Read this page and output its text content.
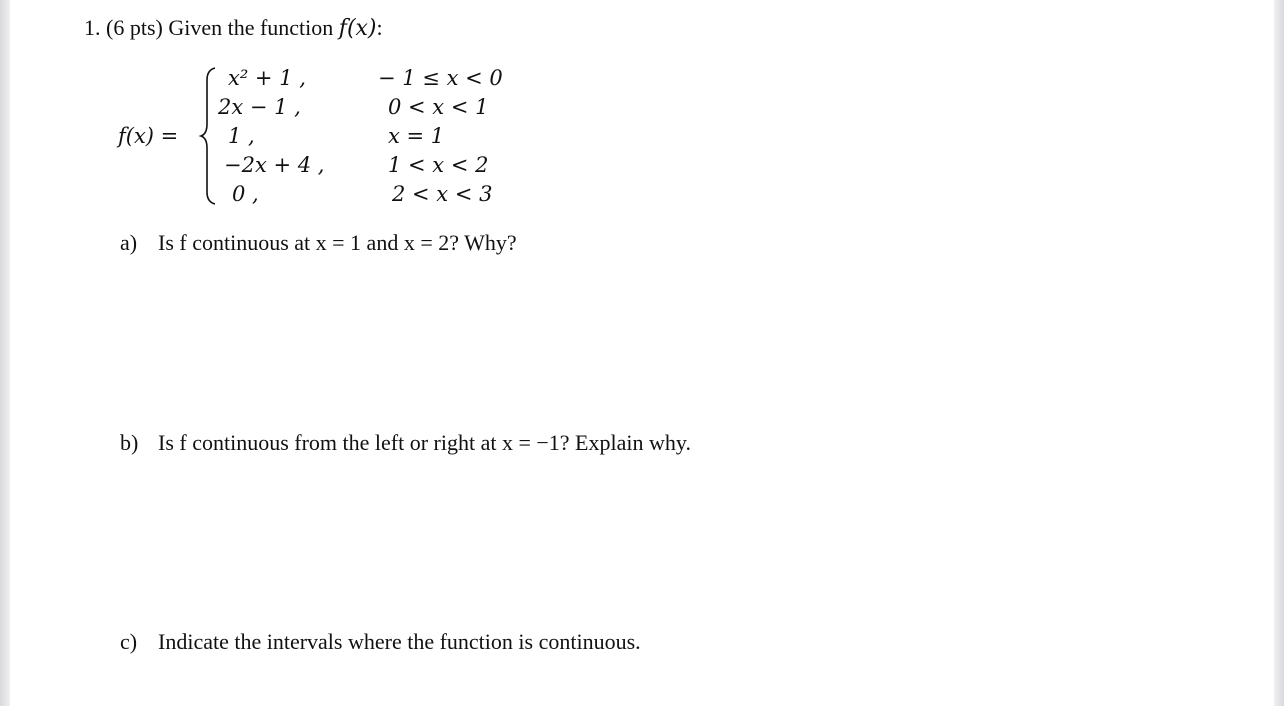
1. (6 pts) Given the function f(x):
f(x) =
x² + 1 ,	− 1 ≤ x < 0
2x − 1 ,	0 < x < 1
1 ,	x = 1
−2x + 4 ,	1 < x < 2
0 ,	2 < x < 3
a) Is f continuous at x = 1 and x = 2? Why?
b) Is f continuous from the left or right at x = −1? Explain why.
c) Indicate the intervals where the function is continuous.
